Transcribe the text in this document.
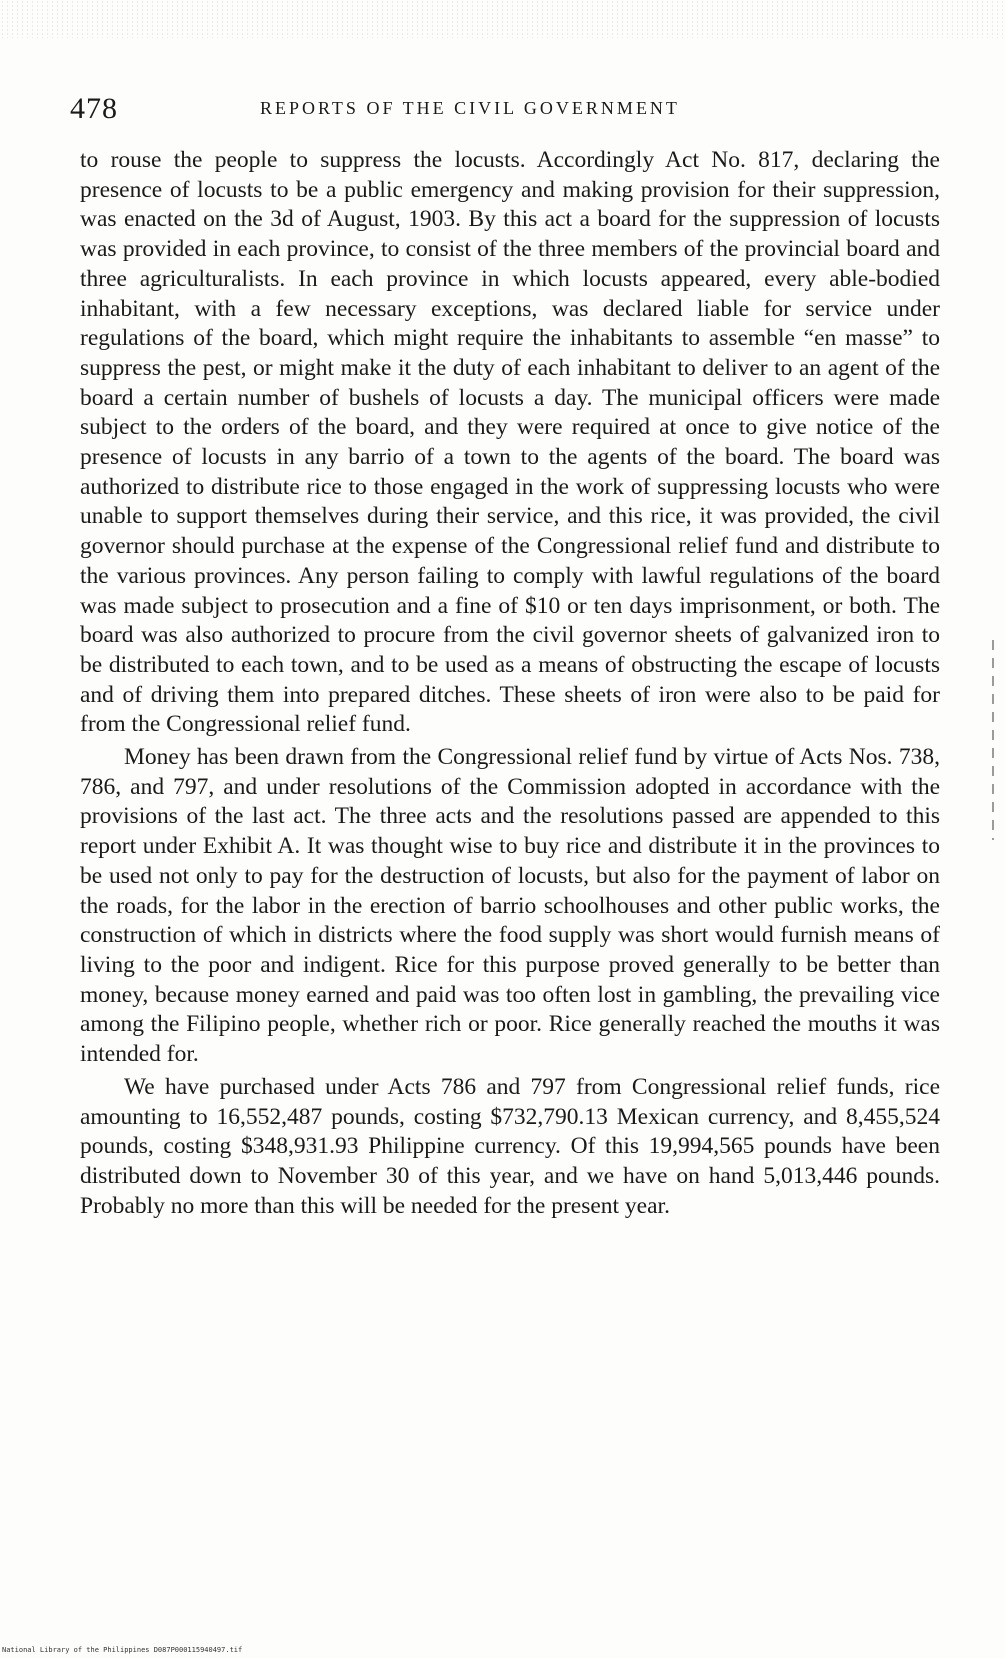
478	REPORTS OF THE CIVIL GOVERNMENT

to rouse the people to suppress the locusts. Accordingly Act No. 817, declaring the presence of locusts to be a public emergency and making provision for their suppression, was enacted on the 3d of August, 1903. By this act a board for the suppression of locusts was provided in each province, to consist of the three members of the provincial board and three agriculturalists. In each province in which locusts appeared, every able-bodied inhabitant, with a few necessary exceptions, was declared liable for service under regulations of the board, which might require the inhabitants to assemble “en masse” to suppress the pest, or might make it the duty of each inhabitant to deliver to an agent of the board a certain number of bushels of locusts a day. The municipal officers were made subject to the orders of the board, and they were required at once to give notice of the presence of locusts in any barrio of a town to the agents of the board. The board was authorized to distribute rice to those engaged in the work of suppressing locusts who were unable to support themselves during their service, and this rice, it was provided, the civil governor should purchase at the expense of the Congressional relief fund and distribute to the various provinces. Any person failing to comply with lawful regulations of the board was made subject to prosecution and a fine of $10 or ten days imprisonment, or both. The board was also authorized to procure from the civil governor sheets of galvanized iron to be distributed to each town, and to be used as a means of obstructing the escape of locusts and of driving them into prepared ditches. These sheets of iron were also to be paid for from the Congressional relief fund.

Money has been drawn from the Congressional relief fund by virtue of Acts Nos. 738, 786, and 797, and under resolutions of the Commission adopted in accordance with the provisions of the last act. The three acts and the resolutions passed are appended to this report under Exhibit A. It was thought wise to buy rice and distribute it in the provinces to be used not only to pay for the destruction of locusts, but also for the payment of labor on the roads, for the labor in the erection of barrio schoolhouses and other public works, the construction of which in districts where the food supply was short would furnish means of living to the poor and indigent. Rice for this purpose proved generally to be better than money, because money earned and paid was too often lost in gambling, the prevailing vice among the Filipino people, whether rich or poor. Rice generally reached the mouths it was intended for.

We have purchased under Acts 786 and 797 from Congressional relief funds, rice amounting to 16,552,487 pounds, costing $732,790.13 Mexican currency, and 8,455,524 pounds, costing $348,931.93 Philippine currency. Of this 19,994,565 pounds have been distributed down to November 30 of this year, and we have on hand 5,013,446 pounds. Probably no more than this will be needed for the present year.

National Library of the Philippines D087P000115940497.tif
